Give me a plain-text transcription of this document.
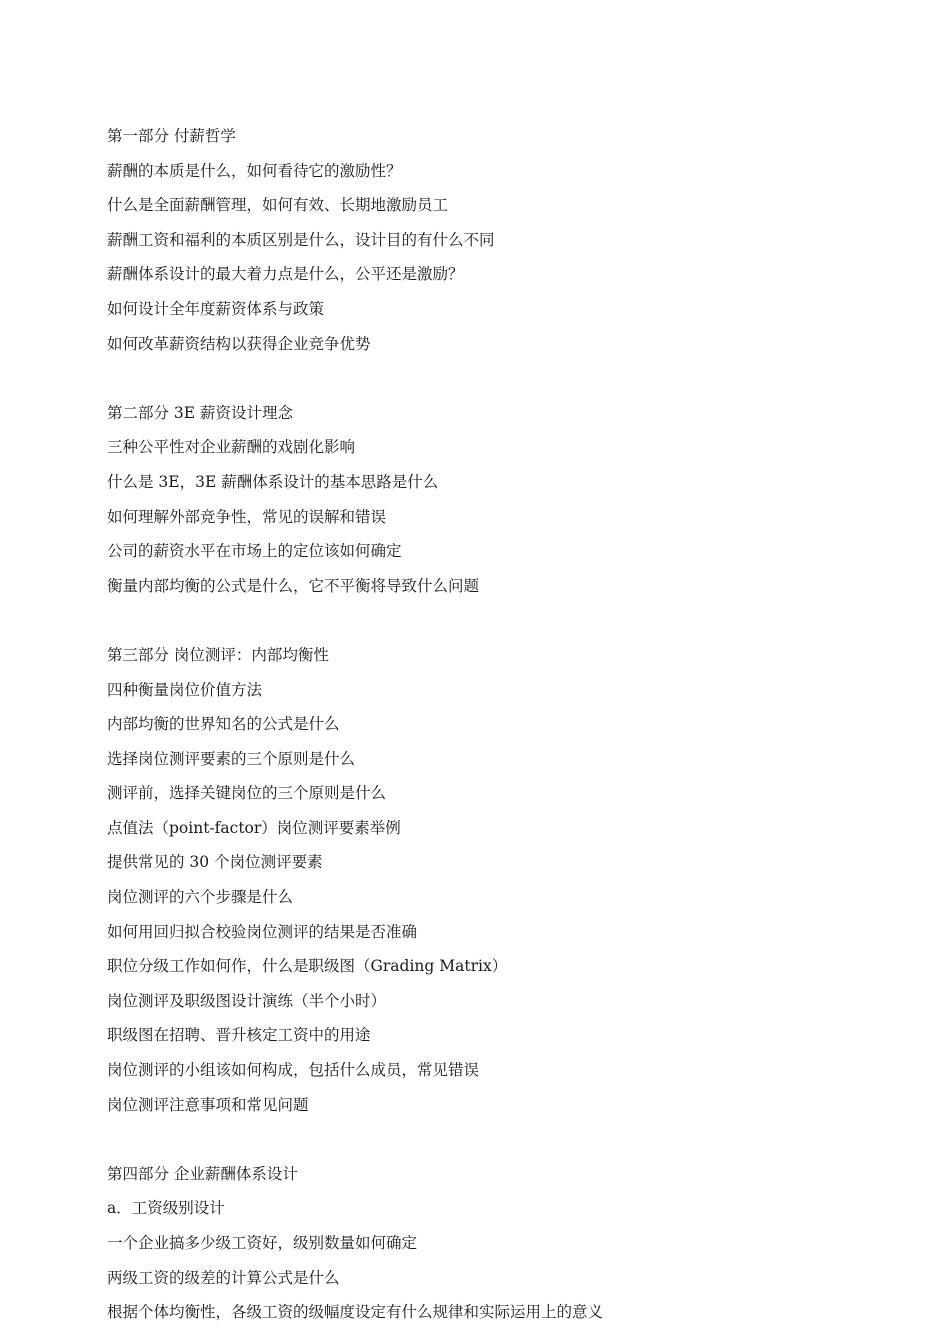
第一部分 付薪哲学
薪酬的本质是什么，如何看待它的激励性？
什么是全面薪酬管理，如何有效、长期地激励员工
薪酬工资和福利的本质区别是什么，设计目的有什么不同
薪酬体系设计的最大着力点是什么，公平还是激励？
如何设计全年度薪资体系与政策
如何改革薪资结构以获得企业竞争优势
第二部分 3E 薪资设计理念
三种公平性对企业薪酬的戏剧化影响
什么是 3E，3E 薪酬体系设计的基本思路是什么
如何理解外部竞争性，常见的误解和错误
公司的薪资水平在市场上的定位该如何确定
衡量内部均衡的公式是什么，它不平衡将导致什么问题
第三部分 岗位测评：内部均衡性
四种衡量岗位价值方法
内部均衡的世界知名的公式是什么
选择岗位测评要素的三个原则是什么
测评前，选择关键岗位的三个原则是什么
点值法（point-factor）岗位测评要素举例
提供常见的 30 个岗位测评要素
岗位测评的六个步骤是什么
如何用回归拟合校验岗位测评的结果是否准确
职位分级工作如何作，什么是职级图（Grading Matrix）
岗位测评及职级图设计演练（半个小时）
职级图在招聘、晋升核定工资中的用途
岗位测评的小组该如何构成，包括什么成员，常见错误
岗位测评注意事项和常见问题
第四部分 企业薪酬体系设计
a．工资级别设计
一个企业搞多少级工资好，级别数量如何确定
两级工资的级差的计算公式是什么
根据个体均衡性，各级工资的级幅度设定有什么规律和实际运用上的意义
